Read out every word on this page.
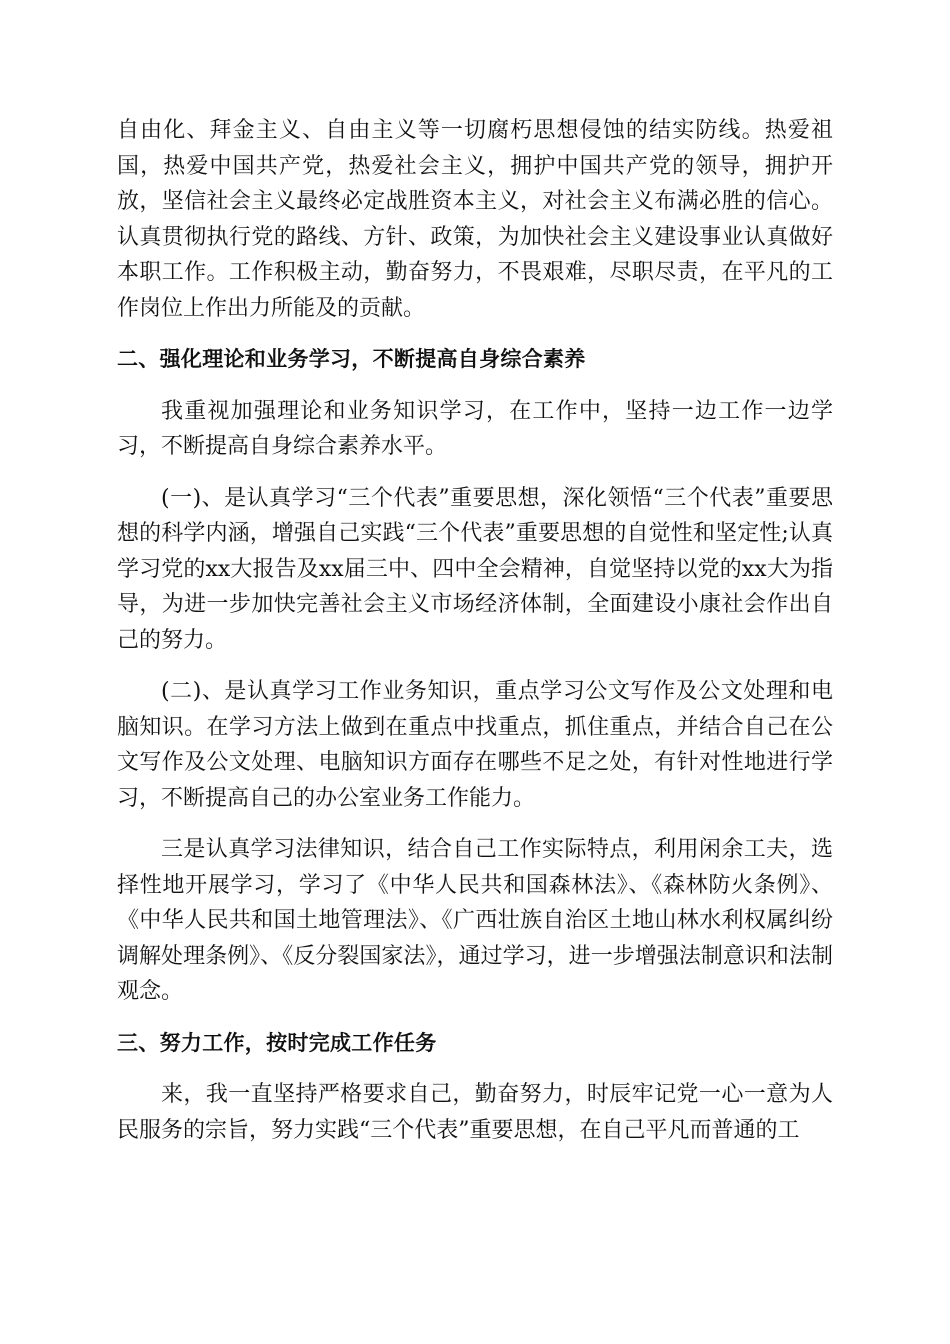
自由化、拜金主义、自由主义等一切腐朽思想侵蚀的结实防线。热爱祖国，热爱中国共产党，热爱社会主义，拥护中国共产党的领导，拥护开放，坚信社会主义最终必定战胜资本主义，对社会主义布满必胜的信心。认真贯彻执行党的路线、方针、政策，为加快社会主义建设事业认真做好本职工作。工作积极主动，勤奋努力，不畏艰难，尽职尽责，在平凡的工作岗位上作出力所能及的贡献。

二、强化理论和业务学习，不断提高自身综合素养

我重视加强理论和业务知识学习，在工作中，坚持一边工作一边学习，不断提高自身综合素养水平。

(一)、是认真学习“三个代表”重要思想，深化领悟“三个代表”重要思想的科学内涵，增强自己实践“三个代表”重要思想的自觉性和坚定性;认真学习党的xx大报告及xx届三中、四中全会精神，自觉坚持以党的xx大为指导，为进一步加快完善社会主义市场经济体制，全面建设小康社会作出自己的努力。

(二)、是认真学习工作业务知识，重点学习公文写作及公文处理和电脑知识。在学习方法上做到在重点中找重点，抓住重点，并结合自己在公文写作及公文处理、电脑知识方面存在哪些不足之处，有针对性地进行学习，不断提高自己的办公室业务工作能力。

三是认真学习法律知识，结合自己工作实际特点，利用闲余工夫，选择性地开展学习，学习了《中华人民共和国森林法》、《森林防火条例》、《中华人民共和国土地管理法》、《广西壮族自治区土地山林水利权属纠纷调解处理条例》、《反分裂国家法》，通过学习，进一步增强法制意识和法制观念。

三、努力工作，按时完成工作任务

来，我一直坚持严格要求自己，勤奋努力，时辰牢记党一心一意为人民服务的宗旨，努力实践“三个代表”重要思想，在自己平凡而普通的工
